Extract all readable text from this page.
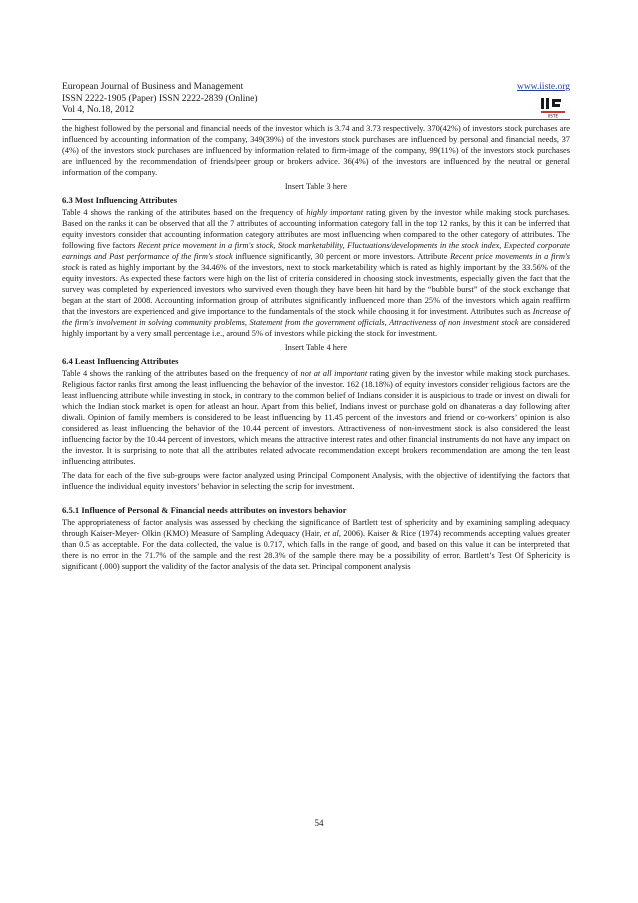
European Journal of Business and Management
ISSN 2222-1905 (Paper) ISSN 2222-2839 (Online)
Vol 4, No.18, 2012
www.iiste.org
IISTE

the highest followed by the personal and financial needs of the investor which is 3.74 and 3.73 respectively. 370(42%) of investors stock purchases are influenced by accounting information of the company, 349(39%) of the investors stock purchases are influenced by personal and financial needs, 37 (4%) of the investors stock purchases are influenced by information related to firm-image of the company, 99(11%) of the investors stock purchases are influenced by the recommendation of friends/peer group or brokers advice. 36(4%) of the investors are influenced by the neutral or general information of the company.

Insert Table 3 here

6.3 Most Influencing Attributes

Table 4 shows the ranking of the attributes based on the frequency of highly important rating given by the investor while making stock purchases. Based on the ranks it can be observed that all the 7 attributes of accounting information category fall in the top 12 ranks, by this it can be inferred that equity investors consider that accounting information category attributes are most influencing when compared to the other category of attributes. The following five factors Recent price movement in a firm's stock, Stock marketability, Fluctuations/developments in the stock index, Expected corporate earnings and Past performance of the firm's stock influence significantly, 30 percent or more investors. Attribute Recent price movements in a firm's stock is rated as highly important by the 34.46% of the investors, next to stock marketability which is rated as highly important by the 33.56% of the equity investors. As expected these factors were high on the list of criteria considered in choosing stock investments, especially given the fact that the survey was completed by experienced investors who survived even though they have been hit hard by the “bubble burst” of the stock exchange that began at the start of 2008. Accounting information group of attributes significantly influenced more than 25% of the investors which again reaffirm that the investors are experienced and give importance to the fundamentals of the stock while choosing it for investment. Attributes such as Increase of the firm's involvement in solving community problems, Statement from the government officials, Attractiveness of non investment stock are considered highly important by a very small percentage i.e., around 5% of investors while picking the stock for investment.

Insert Table 4 here

6.4 Least Influencing Attributes

Table 4 shows the ranking of the attributes based on the frequency of not at all important rating given by the investor while making stock purchases. Religious factor ranks first among the least influencing the behavior of the investor. 162 (18.18%) of equity investors consider religious factors are the least influencing attribute while investing in stock, in contrary to the common belief of Indians consider it is auspicious to trade or invest on diwali for which the Indian stock market is open for atleast an hour. Apart from this belief, Indians invest or purchase gold on dhanateras a day following after diwali. Opinion of family members is considered to be least influencing by 11.45 percent of the investors and friend or co-workers’ opinion is also considered as least influencing the behavior of the 10.44 percent of investors. Attractiveness of non-investment stock is also considered the least influencing factor by the 10.44 percent of investors, which means the attractive interest rates and other financial instruments do not have any impact on the investor. It is surprising to note that all the attributes related advocate recommendation except brokers recommendation are among the ten least influencing attributes.

The data for each of the five sub-groups were factor analyzed using Principal Component Analysis, with the objective of identifying the factors that influence the individual equity investors’ behavior in selecting the scrip for investment.

6.5.1 Influence of Personal & Financial needs attributes on investors behavior

The appropriateness of factor analysis was assessed by checking the significance of Bartlett test of sphericity and by examining sampling adequacy through Kaiser-Meyer- Olkin (KMO) Measure of Sampling Adequacy (Hair, et al, 2006). Kaiser & Rice (1974) recommends accepting values greater than 0.5 as acceptable. For the data collected, the value is 0.717, which falls in the range of good, and based on this value it can be interpreted that there is no error in the 71.7% of the sample and the rest 28.3% of the sample there may be a possibility of error. Bartlett’s Test Of Sphericity is significant (.000) support the validity of the factor analysis of the data set. Principal component analysis

54
